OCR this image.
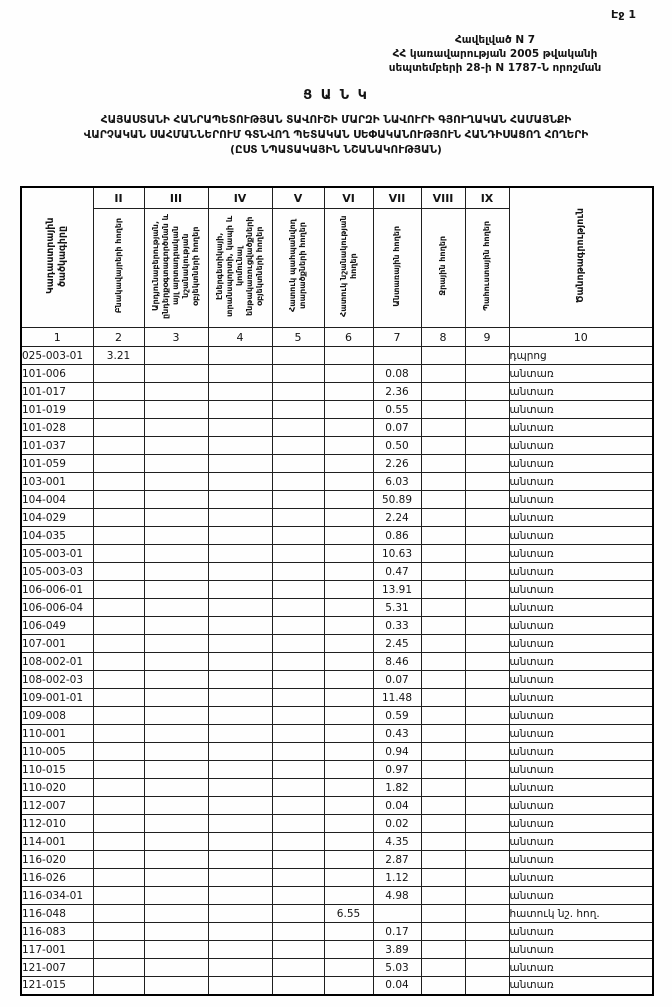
Էջ 1
Հավելված N 7
ՀՀ կառավարության 2005 թվականի
սեպտեմբերի 28-ի N 1787-Ն որոշման
Ց Ա Ն Կ
ՀԱՅԱՍՏԱՆԻ ՀԱՆՐԱՊԵՏՈՒԹՅԱՆ ՏԱՎՈՒՇԻ ՄԱՐԶԻ ՆԱՎՈՒՐԻ ԳՅՈՒՂԱԿԱՆ ՀԱՄԱՅՆՔԻ
ՎԱՐՉԱԿԱՆ ՍԱՀՄԱՆՆԵՐՈՒՄ ԳՏՆՎՈՂ ՊԵՏԱԿԱՆ ՍԵՓԱԿԱՆՈՒԹՅՈՒՆ ՀԱՆԴԻՍԱՑՈՂ ՀՈՂԵՐԻ
(ԸՍՏ ՆՊԱՏԱԿԱՅԻՆ ՆՇԱՆԱԿՈՒԹՅԱՆ)
Կադաստրային ծածկագիրը	II	III	IV	V	VI	VII	VIII	IX	Ծանոթագրություն
	Բնակավայրերի հողեր	Արդյունաբերության, ընդերքօգտագործման և այլ արտադրական նշանակության օբյեկտների հողեր	Էներգետիկայի, տրանսպորտի, կապի և կոմունալ ենթակառուցվածքների օբյեկտների հողեր	Հատուկ պահպանվող տարածքների հողեր	Հատուկ նշանակության հողեր	Անտառային հողեր	Ջրային հողեր	Պահուստային հողեր	
1	2	3	4	5	6	7	8	9	10
025-003-01	3.21								դպրոց
101-006						0.08			անտառ
101-017						2.36			անտառ
101-019						0.55			անտառ
101-028						0.07			անտառ
101-037						0.50			անտառ
101-059						2.26			անտառ
103-001						6.03			անտառ
104-004						50.89			անտառ
104-029						2.24			անտառ
104-035						0.86			անտառ
105-003-01						10.63			անտառ
105-003-03						0.47			անտառ
106-006-01						13.91			անտառ
106-006-04						5.31			անտառ
106-049						0.33			անտառ
107-001						2.45			անտառ
108-002-01						8.46			անտառ
108-002-03						0.07			անտառ
109-001-01						11.48			անտառ
109-008						0.59			անտառ
110-001						0.43			անտառ
110-005						0.94			անտառ
110-015						0.97			անտառ
110-020						1.82			անտառ
112-007						0.04			անտառ
112-010						0.02			անտառ
114-001						4.35			անտառ
116-020						2.87			անտառ
116-026						1.12			անտառ
116-034-01						4.98			անտառ
116-048					6.55				հատուկ նշ. հող.
116-083						0.17			անտառ
117-001						3.89			անտառ
121-007						5.03			անտառ
121-015						0.04			անտառ
